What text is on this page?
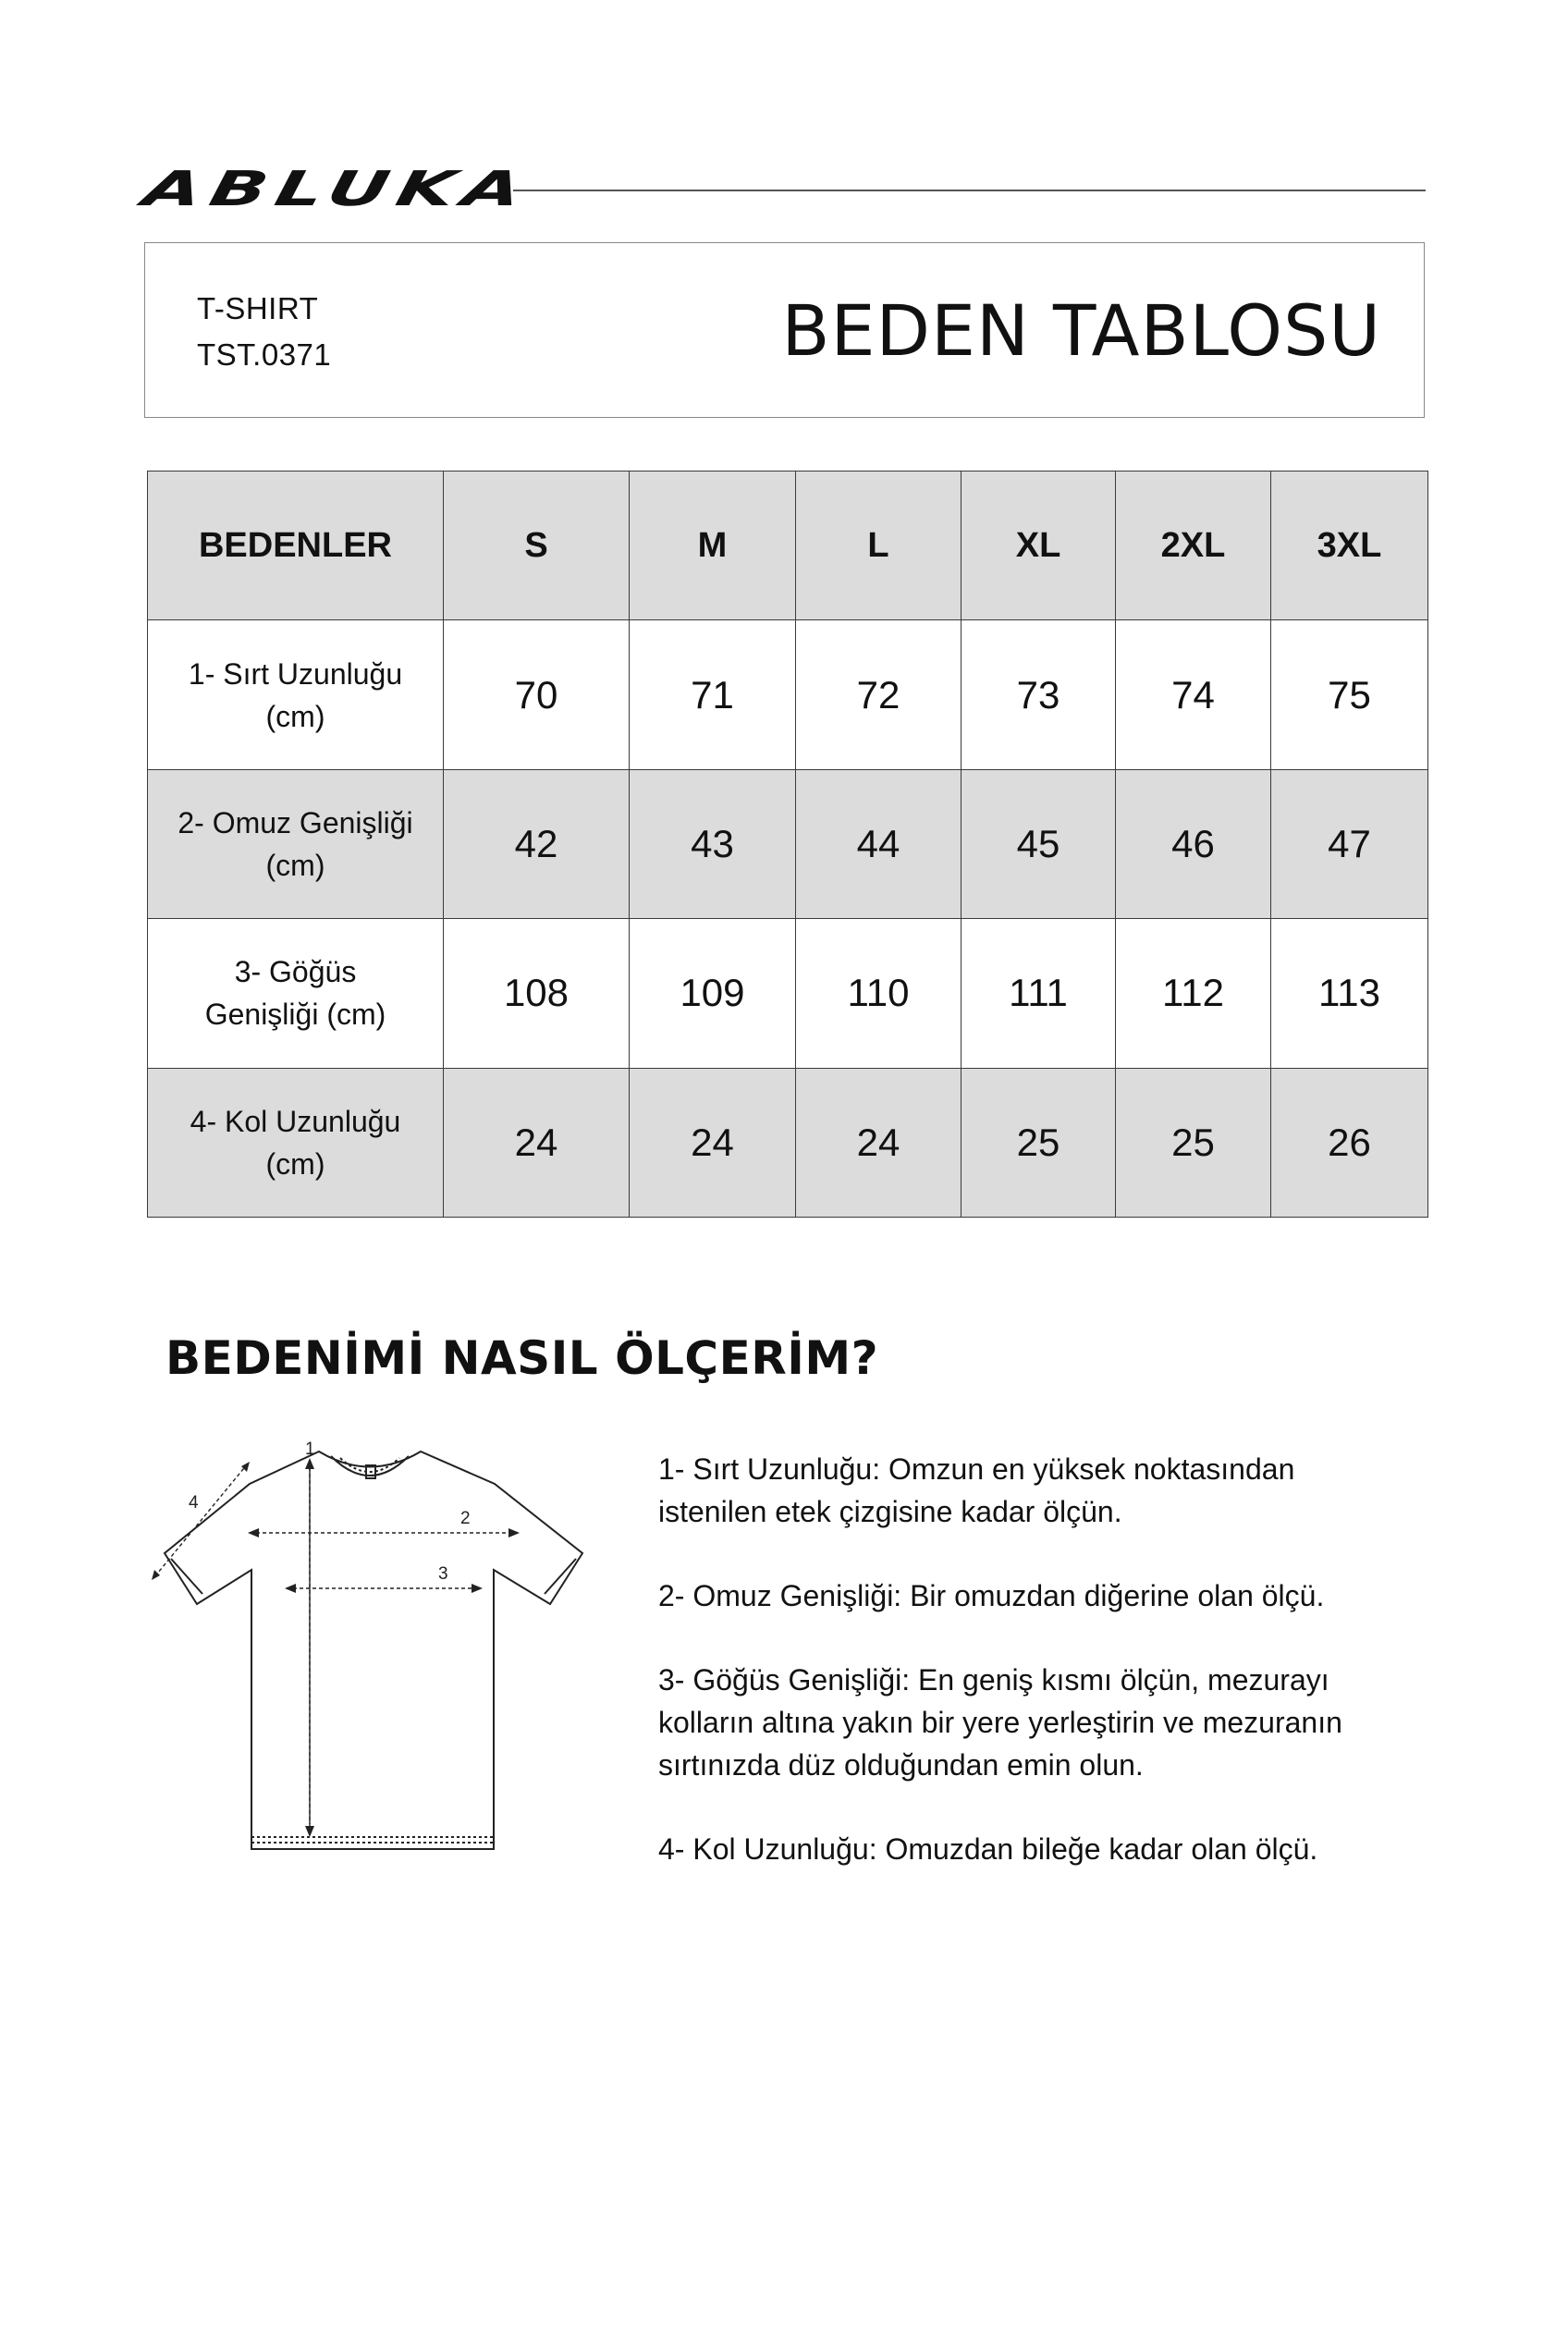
ABLUKA
T-SHIRT
TST.0371	BEDEN TABLOSU
BEDENLER	S	M	L	XL	2XL	3XL
1- Sırt Uzunluğu
(cm)	70	71	72	73	74	75
2- Omuz Genişliği
(cm)	42	43	44	45	46	47
3- Göğüs
Genişliği (cm)	108	109	110	111	112	113
4- Kol Uzunluğu
(cm)	24	24	24	25	25	26
BEDENİMİ NASIL ÖLÇERİM?
1
2
3
4

1- Sırt Uzunluğu: Omzun en yüksek noktasından
istenilen etek çizgisine kadar ölçün.

2- Omuz Genişliği: Bir omuzdan diğerine olan ölçü.

3- Göğüs Genişliği: En geniş kısmı ölçün, mezurayı
kolların altına yakın bir yere yerleştirin ve mezuranın
sırtınızda düz olduğundan emin olun.

4- Kol Uzunluğu: Omuzdan bileğe kadar olan ölçü.
